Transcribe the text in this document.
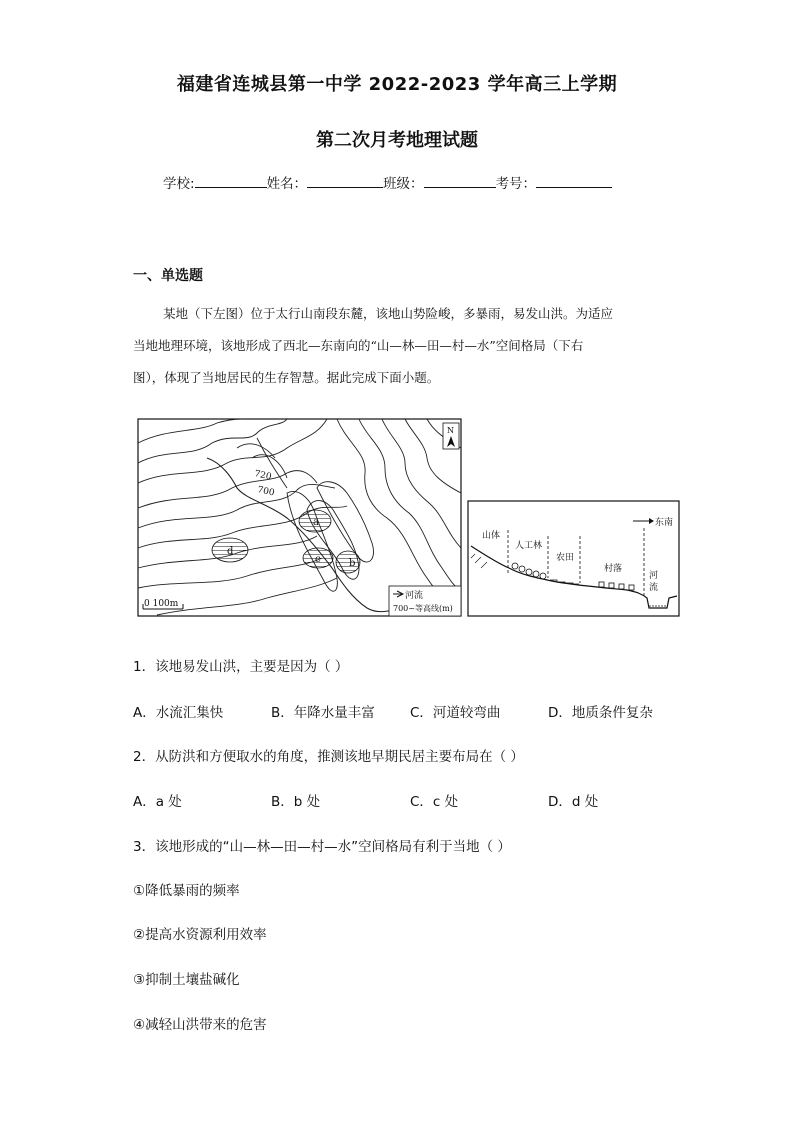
福建省连城县第一中学 2022-2023 学年高三上学期
第二次月考地理试题
学校:	姓名：	班级：	考号：
一、单选题
某地（下左图）位于太行山南段东麓，该地山势险峻，多暴雨，易发山洪。为适应
当地地理环境，该地形成了西北—东南向的“山—林—田—村—水”空间格局（下右
图），体现了当地居民的生存智慧。据此完成下面小题。
a
b
c
d
720
700
N
0 100m
河流
700~等高线(m)
东南
山体
人工林
农田
村落
河
流
1．该地易发山洪，主要是因为（ ）
A．水流汇集快	B．年降水量丰富	C．河道较弯曲	D．地质条件复杂
2．从防洪和方便取水的角度，推测该地早期民居主要布局在（ ）
A．a 处	B．b 处	C．c 处	D．d 处
3．该地形成的“山—林—田—村—水”空间格局有利于当地（ ）
①降低暴雨的频率
②提高水资源利用效率
③抑制土壤盐碱化
④减轻山洪带来的危害
